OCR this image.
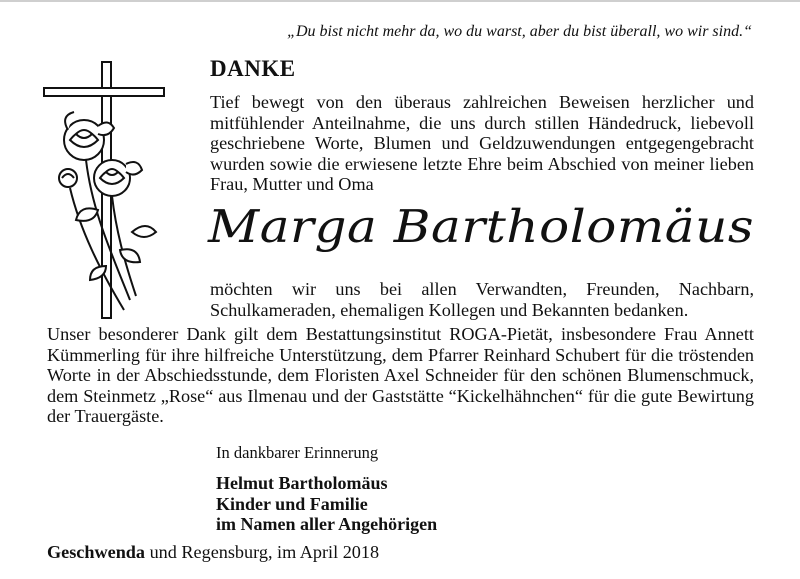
„Du bist nicht mehr da, wo du warst, aber du bist überall, wo wir sind.“
DANKE
Tief bewegt von den überaus zahlreichen Beweisen herzlicher und mitfühlender Anteilnahme, die uns durch stillen Händedruck, liebevoll geschriebene Worte, Blumen und Geldzuwendungen entgegengebracht wurden sowie die erwiesene letzte Ehre beim Abschied von meiner lieben Frau, Mutter und Oma
Marga Bartholomäus
möchten wir uns bei allen Verwandten, Freunden, Nachbarn, Schulkameraden, ehemaligen Kollegen und Bekannten bedanken.
Unser besonderer Dank gilt dem Bestattungsinstitut ROGA-Pietät, insbesondere Frau Annett Kümmerling für ihre hilfreiche Unterstützung, dem Pfarrer Reinhard Schubert für die tröstenden Worte in der Abschiedsstunde, dem Floristen Axel Schneider für den schönen Blumenschmuck, dem Steinmetz „Rose“ aus Ilmenau und der Gaststätte “Kickelhähnchen“ für die gute Bewirtung der Trauergäste.
In dankbarer Erinnerung
Helmut Bartholomäus
Kinder und Familie
im Namen aller Angehörigen
Geschwenda und Regensburg, im April 2018
